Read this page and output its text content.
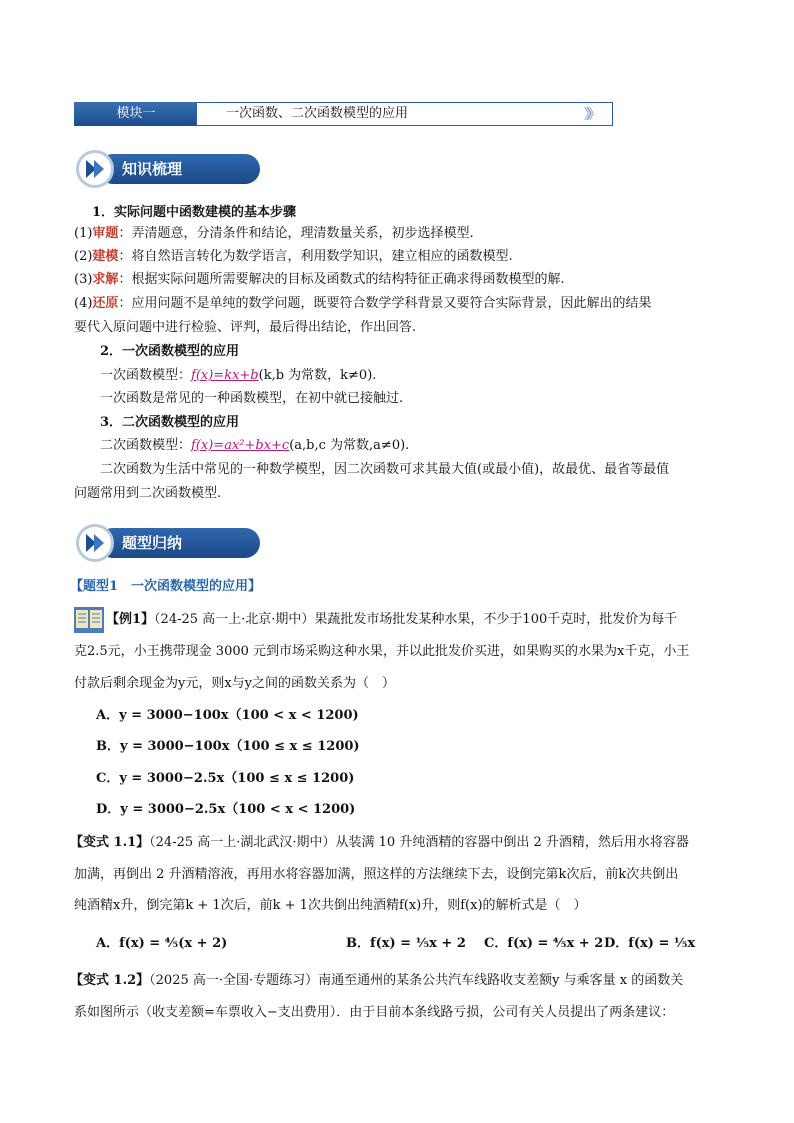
模块一	一次函数、二次函数模型的应用	》》
知识梳理
1．实际问题中函数建模的基本步骤
(1)审题：弄清题意，分清条件和结论，理清数量关系，初步选择模型.
(2)建模：将自然语言转化为数学语言，利用数学知识，建立相应的函数模型.
(3)求解：根据实际问题所需要解决的目标及函数式的结构特征正确求得函数模型的解.
(4)还原：应用问题不是单纯的数学问题，既要符合数学学科背景又要符合实际背景，因此解出的结果
要代入原问题中进行检验、评判，最后得出结论，作出回答.
2．一次函数模型的应用
一次函数模型：f(x)=kx+b(k,b 为常数，k≠0).
一次函数是常见的一种函数模型，在初中就已接触过.
3．二次函数模型的应用
二次函数模型：f(x)=ax²+bx+c(a,b,c 为常数,a≠0).
二次函数为生活中常见的一种数学模型，因二次函数可求其最大值(或最小值)，故最优、最省等最值
问题常用到二次函数模型.
题型归纳
【题型1　一次函数模型的应用】
【例1】（24-25 高一上·北京·期中）果蔬批发市场批发某种水果，不少于100千克时，批发价为每千
克2.5元，小王携带现金 3000 元到市场采购这种水果，并以此批发价买进，如果购买的水果为x千克，小王
付款后剩余现金为y元，则x与y之间的函数关系为（　）
A．y = 3000−100x（100 < x < 1200)
B．y = 3000−100x（100 ≤ x ≤ 1200)
C．y = 3000−2.5x（100 ≤ x ≤ 1200)
D．y = 3000−2.5x（100 < x < 1200)
【变式 1.1】（24-25 高一上·湖北武汉·期中）从装满 10 升纯酒精的容器中倒出 2 升酒精，然后用水将容器
加满，再倒出 2 升酒精溶液，再用水将容器加满，照这样的方法继续下去，设倒完第k次后，前k次共倒出
纯酒精x升，倒完第k + 1次后，前k + 1次共倒出纯酒精f(x)升，则f(x)的解析式是（　）
A．f(x) = ⁴⁄₅(x + 2)	B．f(x) = ¹⁄₅x + 2 C．f(x) = ⁴⁄₅x + 2 D．f(x) = ¹⁄₅x
【变式 1.2】（2025 高一·全国·专题练习）南通至通州的某条公共汽车线路收支差额y 与乘客量 x 的函数关
系如图所示（收支差额=车票收入−支出费用）．由于目前本条线路亏损，公司有关人员提出了两条建议：
